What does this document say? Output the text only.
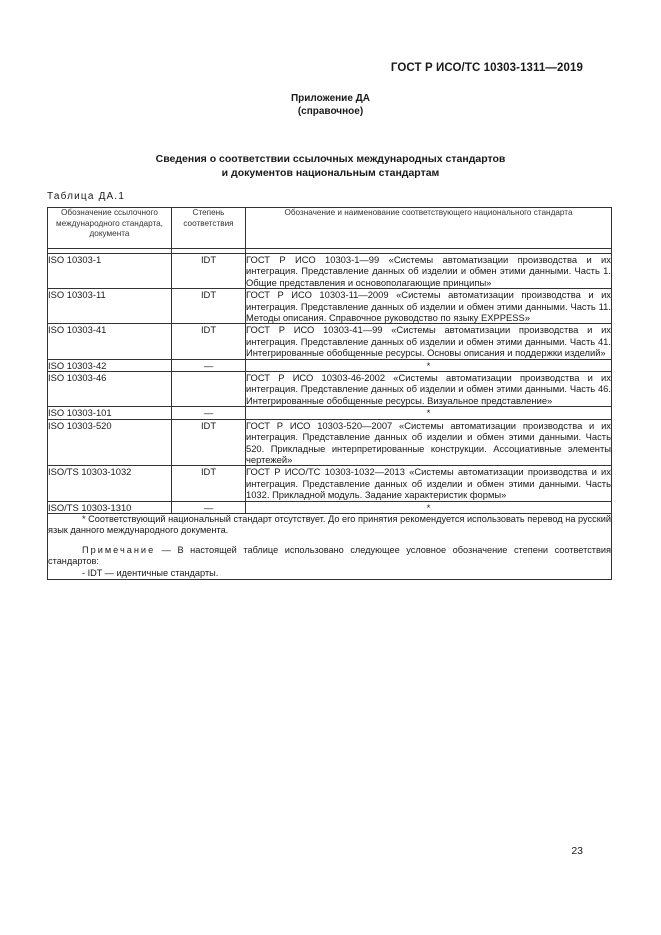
ГОСТ Р ИСО/ТС 10303-1311—2019
Приложение ДА
(справочное)
Сведения о соответствии ссылочных международных стандартов
и документов национальным стандартам
Таблица ДА.1
Обозначение ссылочного международного стандарта, документа	Степень соответствия	Обозначение и наименование соответствующего национального стандарта

ISO 10303-1	IDT	ГОСТ Р ИСО 10303-1—99 «Системы автоматизации производства и их интеграция. Представление данных об изделии и обмен этими данными. Часть 1. Общие представления и основополагающие принципы»
ISO 10303-11	IDT	ГОСТ Р ИСО 10303-11—2009 «Системы автоматизации производства и их интеграция. Представление данных об изделии и обмен этими данными. Часть 11. Методы описания. Справочное руководство по языку EXPPESS»
ISO 10303-41	IDT	ГОСТ Р ИСО 10303-41—99 «Системы автоматизации производства и их интеграция. Представление данных об изделии и обмен этими данными. Часть 41. Интегрированные обобщенные ресурсы. Основы описания и поддержки изделий»
ISO 10303-42	—	*
ISO 10303-46		ГОСТ Р ИСО 10303-46-2002 «Системы автоматизации производства и их интеграция. Представление данных об изделии и обмен этими данными. Часть 46. Интегрированные обобщенные ресурсы. Визуальное представление»
ISO 10303-101	—	*
ISO 10303-520	IDT	ГОСТ Р ИСО 10303-520—2007 «Системы автоматизации производства и их интеграция. Представление данных об изделии и обмен этими данными. Часть 520. Прикладные интерпретированные конструкции. Ассоциативные элементы чертежей»
ISO/TS 10303-1032	IDT	ГОСТ Р ИСО/ТС 10303-1032—2013 «Системы автоматизации производства и их интеграция. Представление данных об изделии и обмен этими данными. Часть 1032. Прикладной модуль. Задание характеристик формы»
ISO/TS 10303-1310	—	*

* Соответствующий национальный стандарт отсутствует. До его принятия рекомендуется использовать перевод на русский язык данного международного документа.

Примечание — В настоящей таблице использовано следующее условное обозначение степени соответствия стандартов:

- IDT — идентичные стандарты.		

23
